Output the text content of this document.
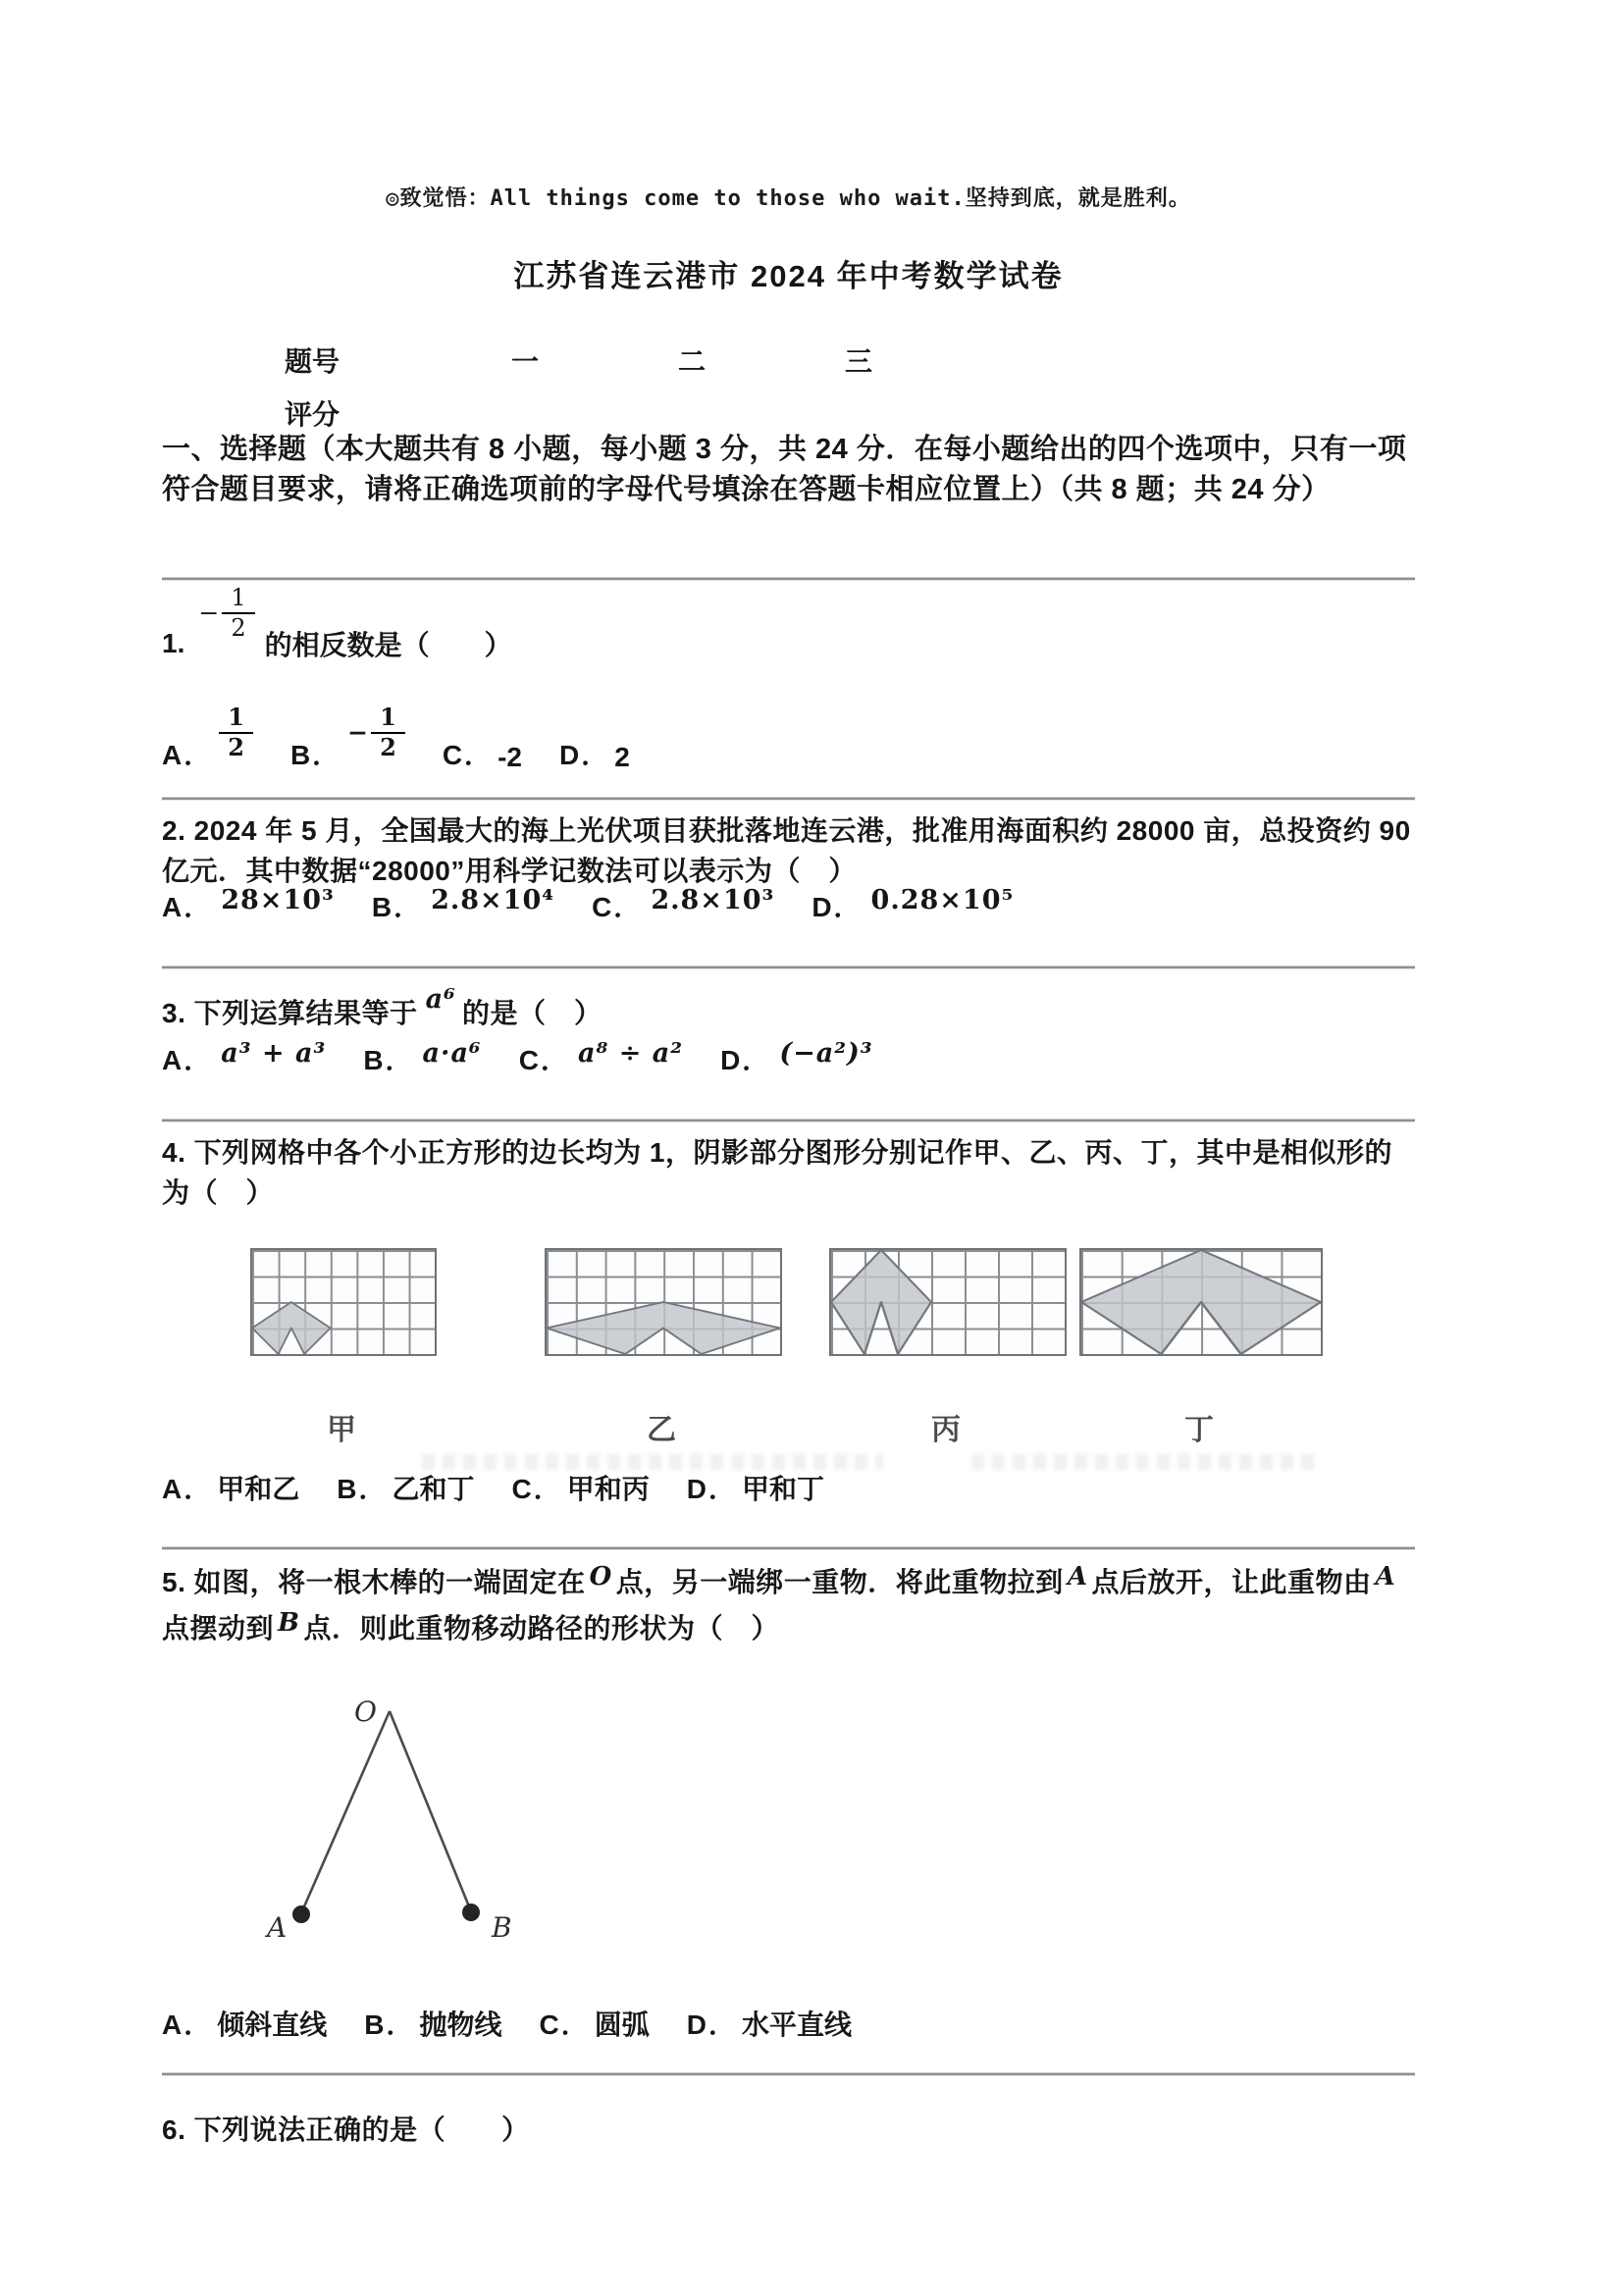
◎致觉悟：All things come to those who wait.坚持到底，就是胜利。
江苏省连云港市 2024 年中考数学试卷
题号	一	二	三
评分
一、选择题（本大题共有 8 小题，每小题 3 分，共 24 分．在每小题给出的四个选项中，只有一项符合题目要求，请将正确选项前的字母代号填涂在答题卡相应位置上）（共 8 题；共 24 分）
1.
− $\frac{1}{2}$
的相反数是（　　）
A． $\frac{1}{2}$ B．
− $\frac{1}{2}$ C． -2 D． 2
2. 2024 年 5 月，全国最大的海上光伏项目获批落地连云港，批准用海面积约 28000 亩，总投资约 90 亿元．其中数据“28000”用科学记数法可以表示为（　）
A． 28×10³ B． 2.8×10⁴ C． 2.8×10³ D． 0.28×10⁵
3. 下列运算结果等于 a⁶ 的是（　）
A． a³ + a³ B． a·a⁶ C． a⁸ ÷ a² D． (−a²)³
4. 下列网格中各个小正方形的边长均为 1，阴影部分图形分别记作甲、乙、丙、丁，其中是相似形的为（　）
甲	乙	丙	丁
A． 甲和乙 B． 乙和丁 C． 甲和丙 D． 甲和丁
5. 如图，将一根木棒的一端固定在 O 点，另一端绑一重物．将此重物拉到 A 点后放开，让此重物由 A点摆动到 B 点．则此重物移动路径的形状为（　）
O
A	B
A． 倾斜直线 B． 抛物线 C． 圆弧 D． 水平直线
6. 下列说法正确的是（　　）
